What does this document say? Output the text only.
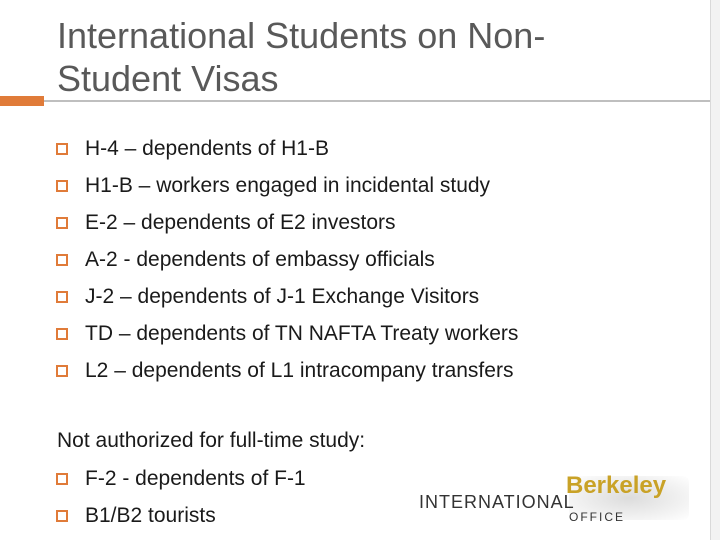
International Students on Non-Student Visas
H-4 – dependents of H1-B
H1-B – workers engaged in incidental study
E-2 – dependents of E2 investors
A-2 - dependents of embassy officials
J-2 – dependents of J-1 Exchange Visitors
TD – dependents of TN NAFTA Treaty workers
L2 – dependents of L1 intracompany transfers
Not authorized for full-time study:
F-2 - dependents of F-1
B1/B2 tourists
Berkeley
INTERNATIONAL
OFFICE
